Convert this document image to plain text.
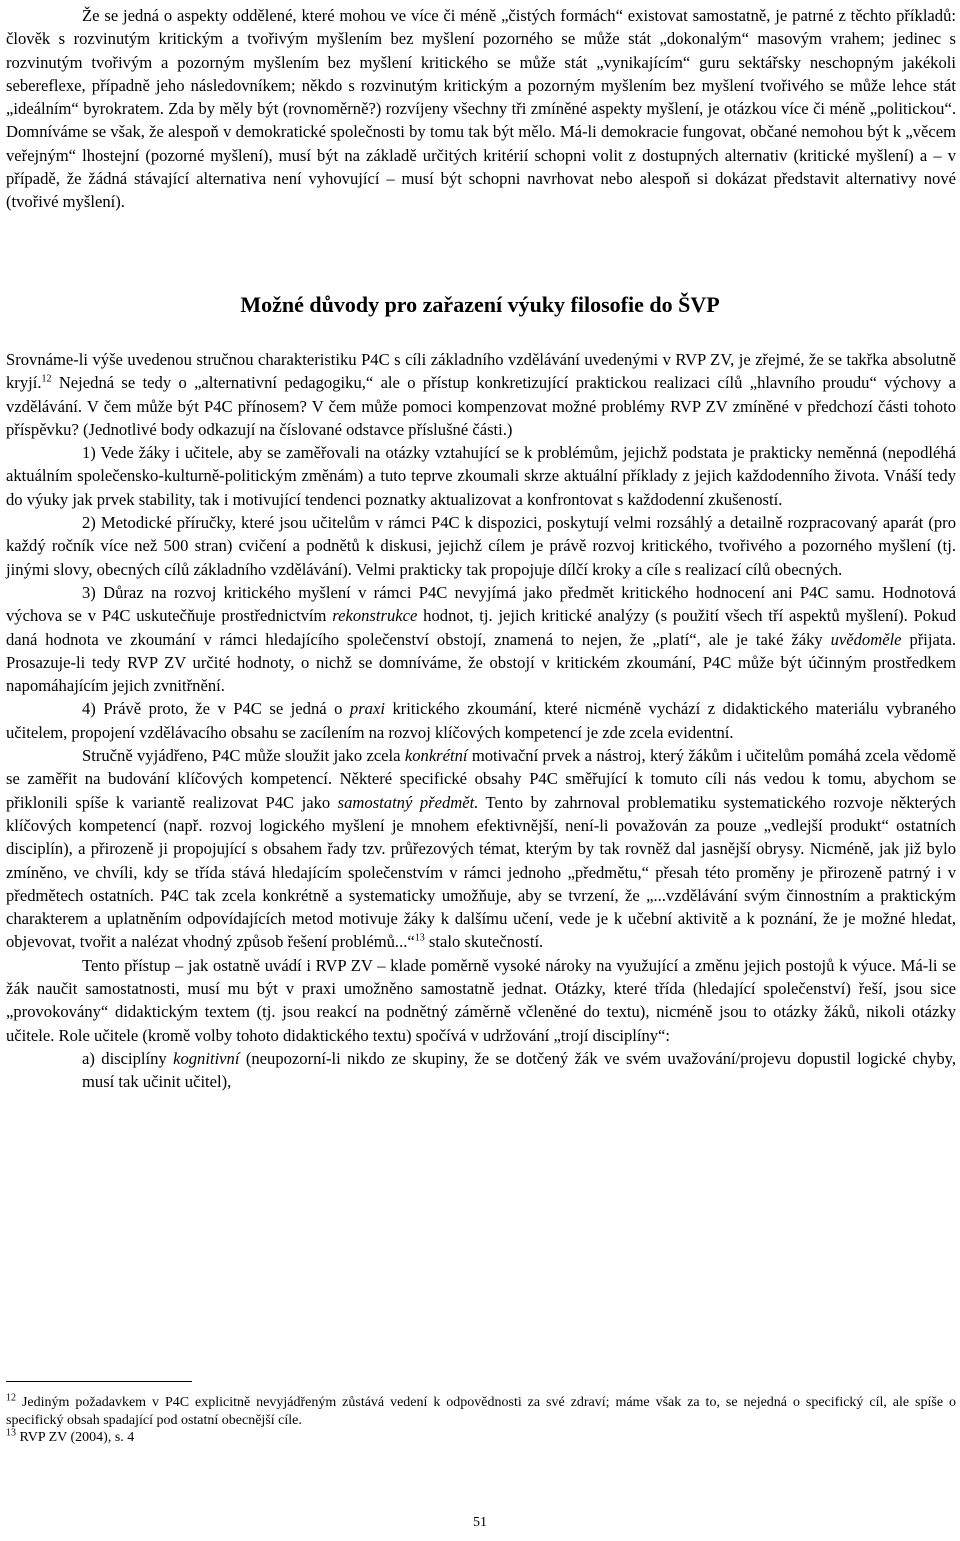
Že se jedná o aspekty oddělené, které mohou ve více či méně „čistých formách“ existovat samostatně, je patrné z těchto příkladů: člověk s rozvinutým kritickým a tvořivým myšlením bez myšlení pozorného se může stát „dokonalým“ masovým vrahem; jedinec s rozvinutým tvořivým a pozorným myšlením bez myšlení kritického se může stát „vynikajícím“ guru sektářsky neschopným jakékoli sebereflexe, případně jeho následovníkem; někdo s rozvinutým kritickým a pozorným myšlením bez myšlení tvořivého se může lehce stát „ideálním“ byrokratem. Zda by měly být (rovnoměrně?) rozvíjeny všechny tři zmíněné aspekty myšlení, je otázkou více či méně „politickou“. Domníváme se však, že alespoň v demokratické společnosti by tomu tak být mělo. Má-li demokracie fungovat, občané nemohou být k „věcem veřejným“ lhostejní (pozorné myšlení), musí být na základě určitých kritérií schopni volit z dostupných alternativ (kritické myšlení) a – v případě, že žádná stávající alternativa není vyhovující – musí být schopni navrhovat nebo alespoň si dokázat představit alternativy nové (tvořivé myšlení).

Možné důvody pro zařazení výuky filosofie do ŠVP

Srovnáme-li výše uvedenou stručnou charakteristiku P4C s cíli základního vzdělávání uvedenými v RVP ZV, je zřejmé, že se takřka absolutně kryjí.$^{12}$ Nejedná se tedy o „alternativní pedagogiku,“ ale o přístup konkretizující praktickou realizaci cílů „hlavního proudu“ výchovy a vzdělávání. V čem může být P4C přínosem? V čem může pomoci kompenzovat možné problémy RVP ZV zmíněné v předchozí části tohoto příspěvku? (Jednotlivé body odkazují na číslované odstavce příslušné části.)

1) Vede žáky i učitele, aby se zaměřovali na otázky vztahující se k problémům, jejichž podstata je prakticky neměnná (nepodléhá aktuálním společensko-kulturně-politickým změnám) a tuto teprve zkoumali skrze aktuální příklady z jejich každodenního života. Vnáší tedy do výuky jak prvek stability, tak i motivující tendenci poznatky aktualizovat a konfrontovat s každodenní zkušeností.

2) Metodické příručky, které jsou učitelům v rámci P4C k dispozici, poskytují velmi rozsáhlý a detailně rozpracovaný aparát (pro každý ročník více než 500 stran) cvičení a podnětů k diskusi, jejichž cílem je právě rozvoj kritického, tvořivého a pozorného myšlení (tj. jinými slovy, obecných cílů základního vzdělávání). Velmi prakticky tak propojuje dílčí kroky a cíle s realizací cílů obecných.

3) Důraz na rozvoj kritického myšlení v rámci P4C nevyjímá jako předmět kritického hodnocení ani P4C samu. Hodnotová výchova se v P4C uskutečňuje prostřednictvím rekonstrukce hodnot, tj. jejich kritické analýzy (s použití všech tří aspektů myšlení). Pokud daná hodnota ve zkoumání v rámci hledajícího společenství obstojí, znamená to nejen, že „platí“, ale je také žáky uvědoměle přijata. Prosazuje-li tedy RVP ZV určité hodnoty, o nichž se domníváme, že obstojí v kritickém zkoumání, P4C může být účinným prostředkem napomáhajícím jejich zvnitřnění.

4) Právě proto, že v P4C se jedná o praxi kritického zkoumání, které nicméně vychází z didaktického materiálu vybraného učitelem, propojení vzdělávacího obsahu se zacílením na rozvoj klíčových kompetencí je zde zcela evidentní.

Stručně vyjádřeno, P4C může sloužit jako zcela konkrétní motivační prvek a nástroj, který žákům i učitelům pomáhá zcela vědomě se zaměřit na budování klíčových kompetencí. Některé specifické obsahy P4C směřující k tomuto cíli nás vedou k tomu, abychom se přiklonili spíše k variantě realizovat P4C jako samostatný předmět. Tento by zahrnoval problematiku systematického rozvoje některých klíčových kompetencí (např. rozvoj logického myšlení je mnohem efektivnější, není-li považován za pouze „vedlejší produkt“ ostatních disciplín), a přirozeně ji propojující s obsahem řady tzv. průřezových témat, kterým by tak rovněž dal jasnější obrysy. Nicméně, jak již bylo zmíněno, ve chvíli, kdy se třída stává hledajícím společenstvím v rámci jednoho „předmětu,“ přesah této proměny je přirozeně patrný i v předmětech ostatních. P4C tak zcela konkrétně a systematicky umožňuje, aby se tvrzení, že „...vzdělávání svým činnostním a praktickým charakterem a uplatněním odpovídajících metod motivuje žáky k dalšímu učení, vede je k učební aktivitě a k poznání, že je možné hledat, objevovat, tvořit a nalézat vhodný způsob řešení problémů...“$^{13}$ stalo skutečností.

Tento přístup – jak ostatně uvádí i RVP ZV – klade poměrně vysoké nároky na využující a změnu jejich postojů k výuce. Má-li se žák naučit samostatnosti, musí mu být v praxi umožněno samostatně jednat. Otázky, které třída (hledající společenství) řeší, jsou sice „provokovány“ didaktickým textem (tj. jsou reakcí na podnětný záměrně včleněné do textu), nicméně jsou to otázky žáků, nikoli otázky učitele. Role učitele (kromě volby tohoto didaktického textu) spočívá v udržování „trojí disciplíny“:

a) disciplíny kognitivní (neupozorní-li nikdo ze skupiny, že se dotčený žák ve svém uvažování/projevu dopustil logické chyby, musí tak učinit učitel),

$^{12}$ Jediným požadavkem v P4C explicitně nevyjádřeným zůstává vedení k odpovědnosti za své zdraví; máme však za to, se nejedná o specifický cíl, ale spíše o specifický obsah spadající pod ostatní obecnější cíle.

$^{13}$ RVP ZV (2004), s. 4

51
